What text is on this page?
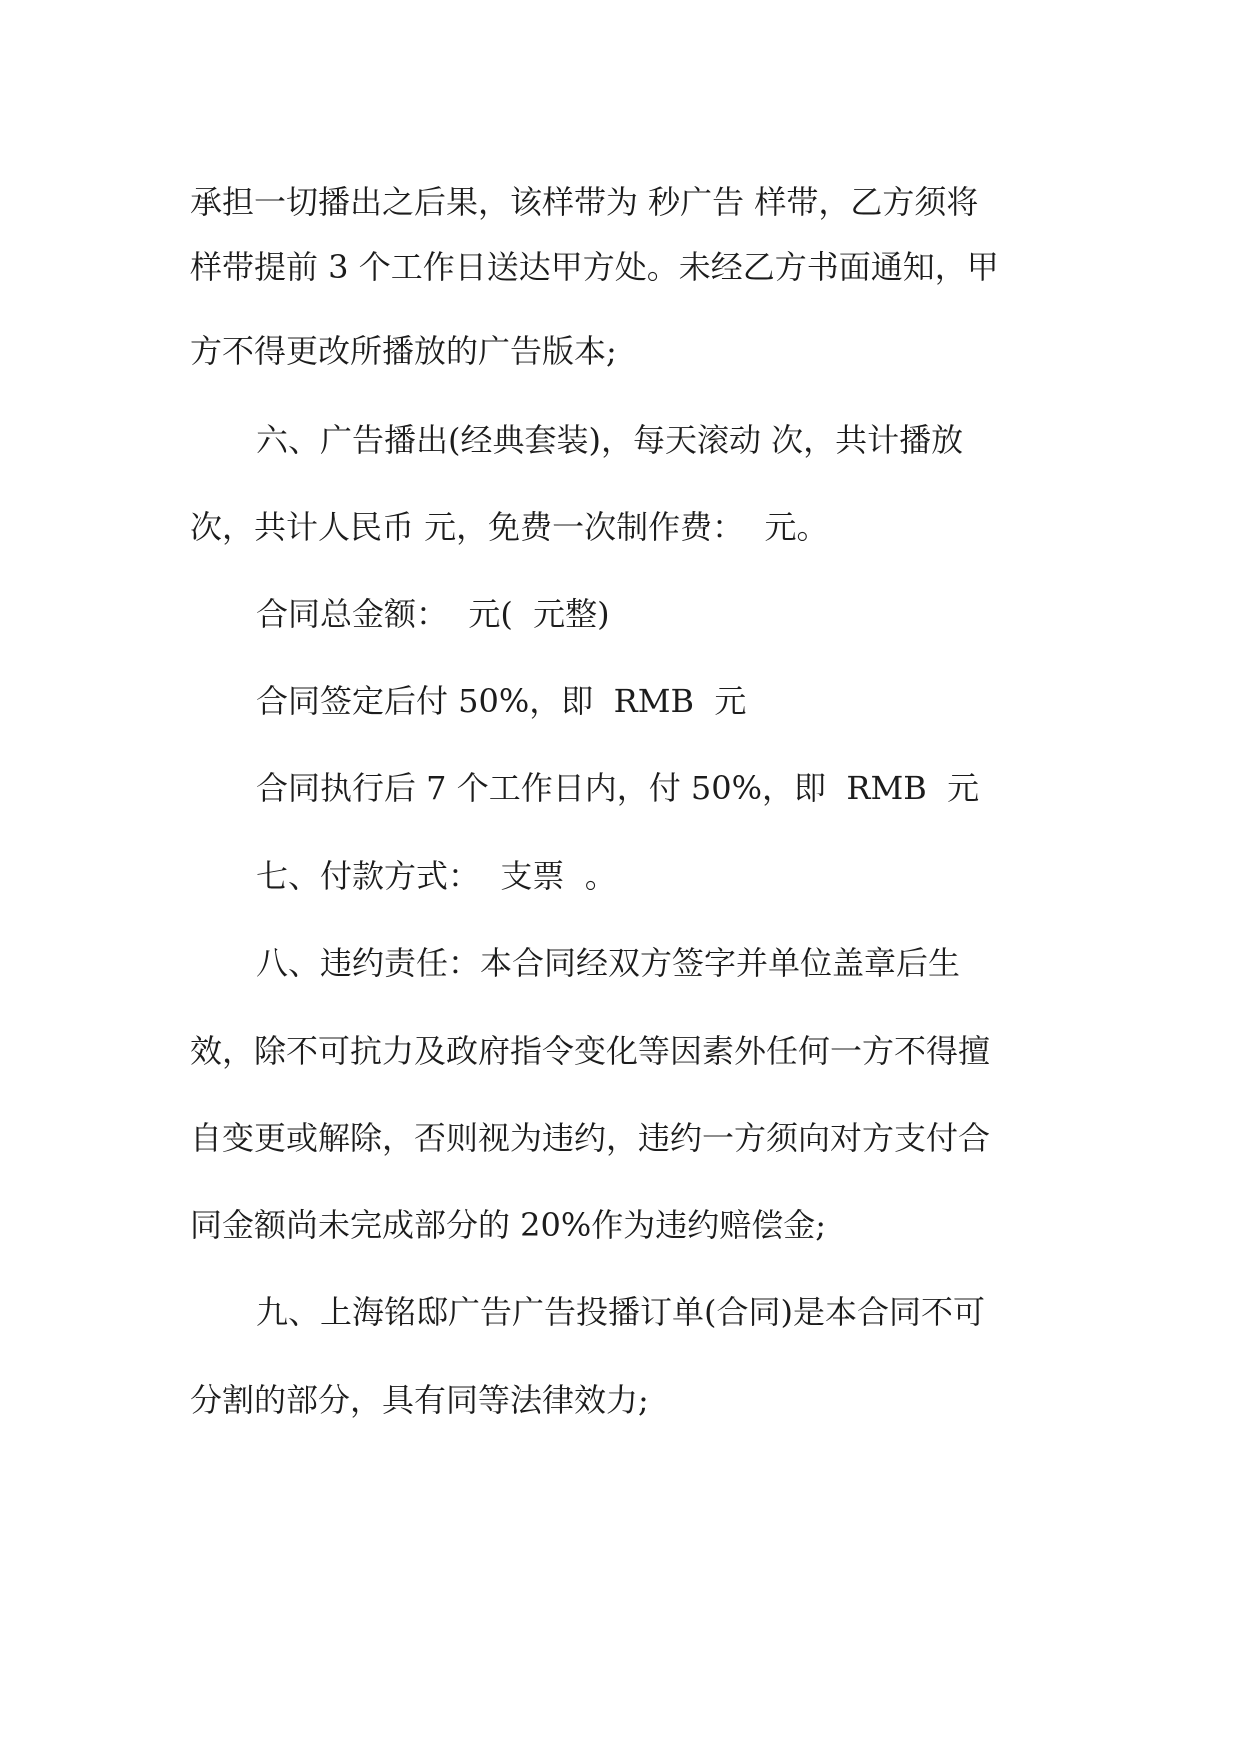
承担一切播出之后果，该样带为 秒广告 样带，乙方须将
样带提前 3 个工作日送达甲方处。未经乙方书面通知，甲
方不得更改所播放的广告版本;
六、广告播出(经典套装)，每天滚动 次，共计播放
次，共计人民币 元，免费一次制作费：  元。
合同总金额：  元(  元整)
合同签定后付 50%，即  RMB  元
合同执行后 7 个工作日内，付 50%，即  RMB  元
七、付款方式：  支票  。
八、违约责任：本合同经双方签字并单位盖章后生
效，除不可抗力及政府指令变化等因素外任何一方不得擅
自变更或解除，否则视为违约，违约一方须向对方支付合
同金额尚未完成部分的 20%作为违约赔偿金;
九、上海铭邸广告广告投播订单(合同)是本合同不可
分割的部分，具有同等法律效力;
